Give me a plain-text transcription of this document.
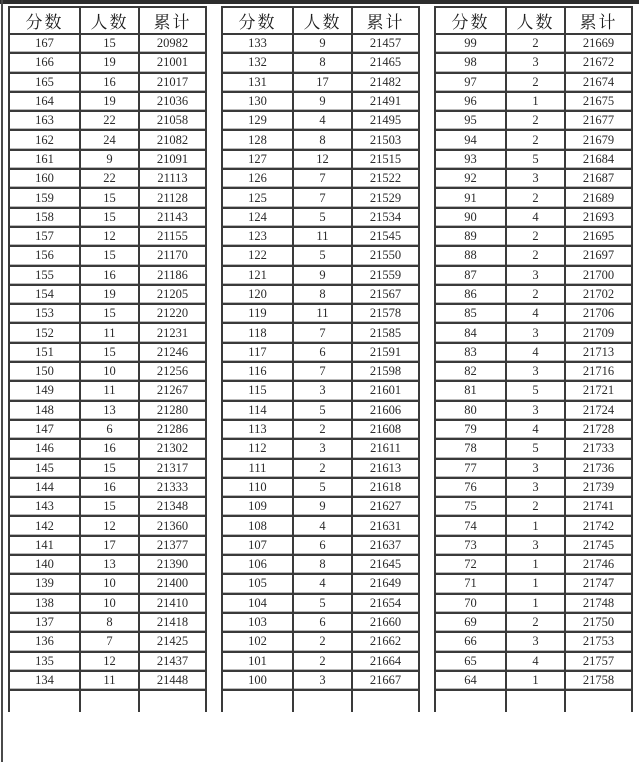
分数	人数	累计
167	15	20982
166	19	21001
165	16	21017
164	19	21036
163	22	21058
162	24	21082
161	9	21091
160	22	21113
159	15	21128
158	15	21143
157	12	21155
156	15	21170
155	16	21186
154	19	21205
153	15	21220
152	11	21231
151	15	21246
150	10	21256
149	11	21267
148	13	21280
147	6	21286
146	16	21302
145	15	21317
144	16	21333
143	15	21348
142	12	21360
141	17	21377
140	13	21390
139	10	21400
138	10	21410
137	8	21418
136	7	21425
135	12	21437
134	11	21448

分数	人数	累计
133	9	21457
132	8	21465
131	17	21482
130	9	21491
129	4	21495
128	8	21503
127	12	21515
126	7	21522
125	7	21529
124	5	21534
123	11	21545
122	5	21550
121	9	21559
120	8	21567
119	11	21578
118	7	21585
117	6	21591
116	7	21598
115	3	21601
114	5	21606
113	2	21608
112	3	21611
111	2	21613
110	5	21618
109	9	21627
108	4	21631
107	6	21637
106	8	21645
105	4	21649
104	5	21654
103	6	21660
102	2	21662
101	2	21664
100	3	21667

分数	人数	累计
99	2	21669
98	3	21672
97	2	21674
96	1	21675
95	2	21677
94	2	21679
93	5	21684
92	3	21687
91	2	21689
90	4	21693
89	2	21695
88	2	21697
87	3	21700
86	2	21702
85	4	21706
84	3	21709
83	4	21713
82	3	21716
81	5	21721
80	3	21724
79	4	21728
78	5	21733
77	3	21736
76	3	21739
75	2	21741
74	1	21742
73	3	21745
72	1	21746
71	1	21747
70	1	21748
69	2	21750
66	3	21753
65	4	21757
64	1	21758
